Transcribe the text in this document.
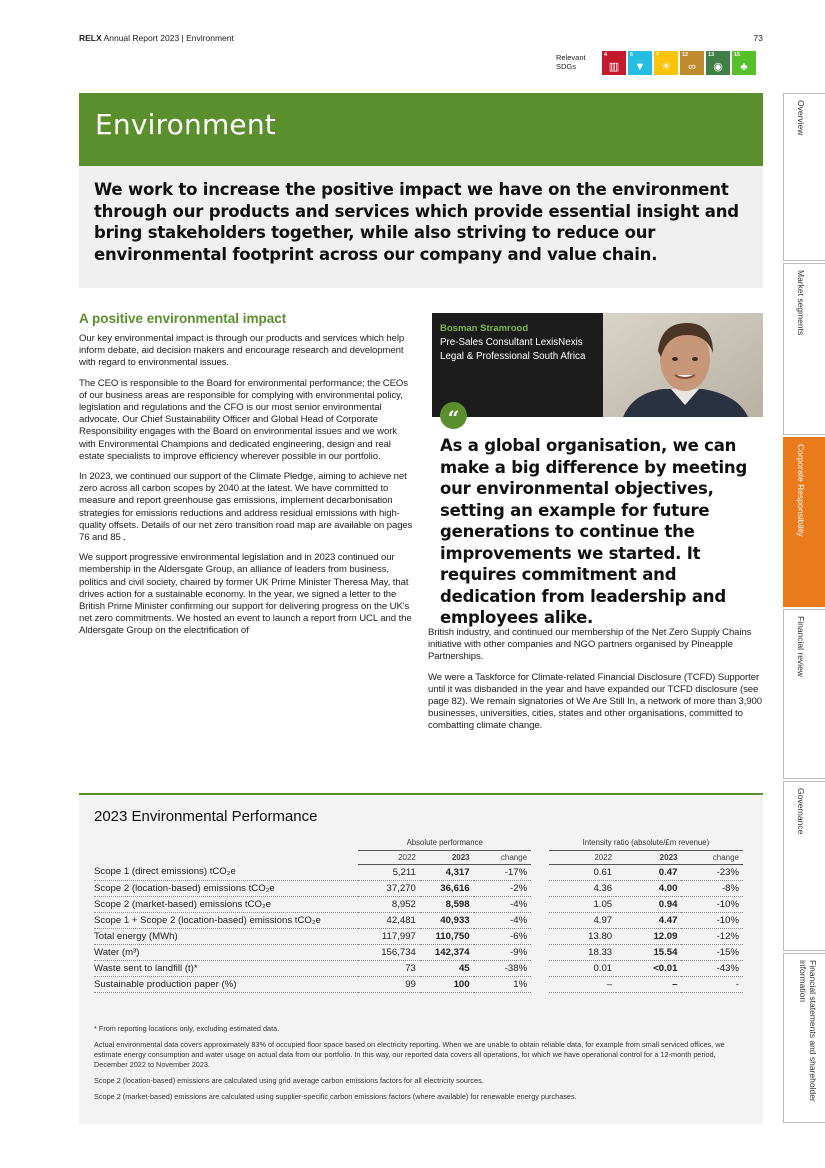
RELX Annual Report 2023 | Environment	73
Relevant SDGs
4
▥
6
▼
7
☀
12
∞
13
◉
15
♣
Environment

We work to increase the positive impact we have on the environment through our products and services which provide essential insight and bring stakeholders together, while also striving to reduce our environmental footprint across our company and value chain.

Overview
Market segments
Corporate Responsibility
Financial review
Governance
Financial statements and shareholder information
A positive environmental impact

Our key environmental impact is through our products and services which help inform debate, aid decision makers and encourage research and development with regard to environmental issues.

The CEO is responsible to the Board for environmental performance; the CEOs of our business areas are responsible for complying with environmental policy, legislation and regulations and the CFO is our most senior environmental advocate. Our Chief Sustainability Officer and Global Head of Corporate Responsibility engages with the Board on environmental issues and we work with Environmental Champions and dedicated engineering, design and real estate specialists to improve efficiency wherever possible in our portfolio.

In 2023, we continued our support of the Climate Pledge, aiming to achieve net zero across all carbon scopes by 2040 at the latest. We have committed to measure and report greenhouse gas emissions, implement decarbonisation strategies for emissions reductions and address residual emissions with high-quality offsets. Details of our net zero transition road map are available on pages 76 and 85 .

We support progressive environmental legislation and in 2023 continued our membership in the Aldersgate Group, an alliance of leaders from business, politics and civil society, chaired by former UK Prime Minister Theresa May, that drives action for a sustainable economy. In the year, we signed a letter to the British Prime Minister confirming our support for delivering progress on the UK's net zero commitments. We hosted an event to launch a report from UCL and the Aldersgate Group on the electrification of

Bosman Stramrood
Pre-Sales Consultant LexisNexis Legal & Professional South Africa
“
As a global organisation, we can make a big difference by meeting our environmental objectives, setting an example for future generations to continue the improvements we started. It requires commitment and dedication from leadership and employees alike.

British industry, and continued our membership of the Net Zero Supply Chains initiative with other companies and NGO partners organised by Pineapple Partnerships.

We were a Taskforce for Climate-related Financial Disclosure (TCFD) Supporter until it was disbanded in the year and have expanded our TCFD disclosure (see page 82). We remain signatories of We Are Still In, a network of more than 3,900 businesses, universities, cities, states and other organisations, committed to combatting climate change.

2023 Environmental Performance
	Absolute performance				Intensity ratio (absolute/£m revenue)		
	2022	2023	change		2022	2023	change
Scope 1 (direct emissions) tCO₂e	5,211	4,317	-17%		0.61	0.47	-23%
Scope 2 (location-based) emissions tCO₂e	37,270	36,616	-2%		4.36	4.00	-8%
Scope 2 (market-based) emissions tCO₂e	8,952	8,598	-4%		1.05	0.94	-10%
Scope 1 + Scope 2 (location-based) emissions tCO₂e	42,481	40,933	-4%		4.97	4.47	-10%
Total energy (MWh)	117,997	110,750	-6%		13.80	12.09	-12%
Water (m³)	156,734	142,374	-9%		18.33	15.54	-15%
Waste sent to landfill (t)*	73	45	-38%		0.01	<0.01	-43%
Sustainable production paper (%)	99	100	1%		–	–	-

* From reporting locations only, excluding estimated data.

Actual environmental data covers approximately 83% of occupied floor space based on electricity reporting. When we are unable to obtain reliable data, for example from small serviced offices, we estimate energy consumption and water usage on actual data from our portfolio. In this way, our reported data covers all operations, for which we have operational control for a 12-month period, December 2022 to November 2023.

Scope 2 (location-based) emissions are calculated using grid average carbon emissions factors for all electricity sources.

Scope 2 (market-based) emissions are calculated using supplier-specific carbon emissions factors (where available) for renewable energy purchases.
